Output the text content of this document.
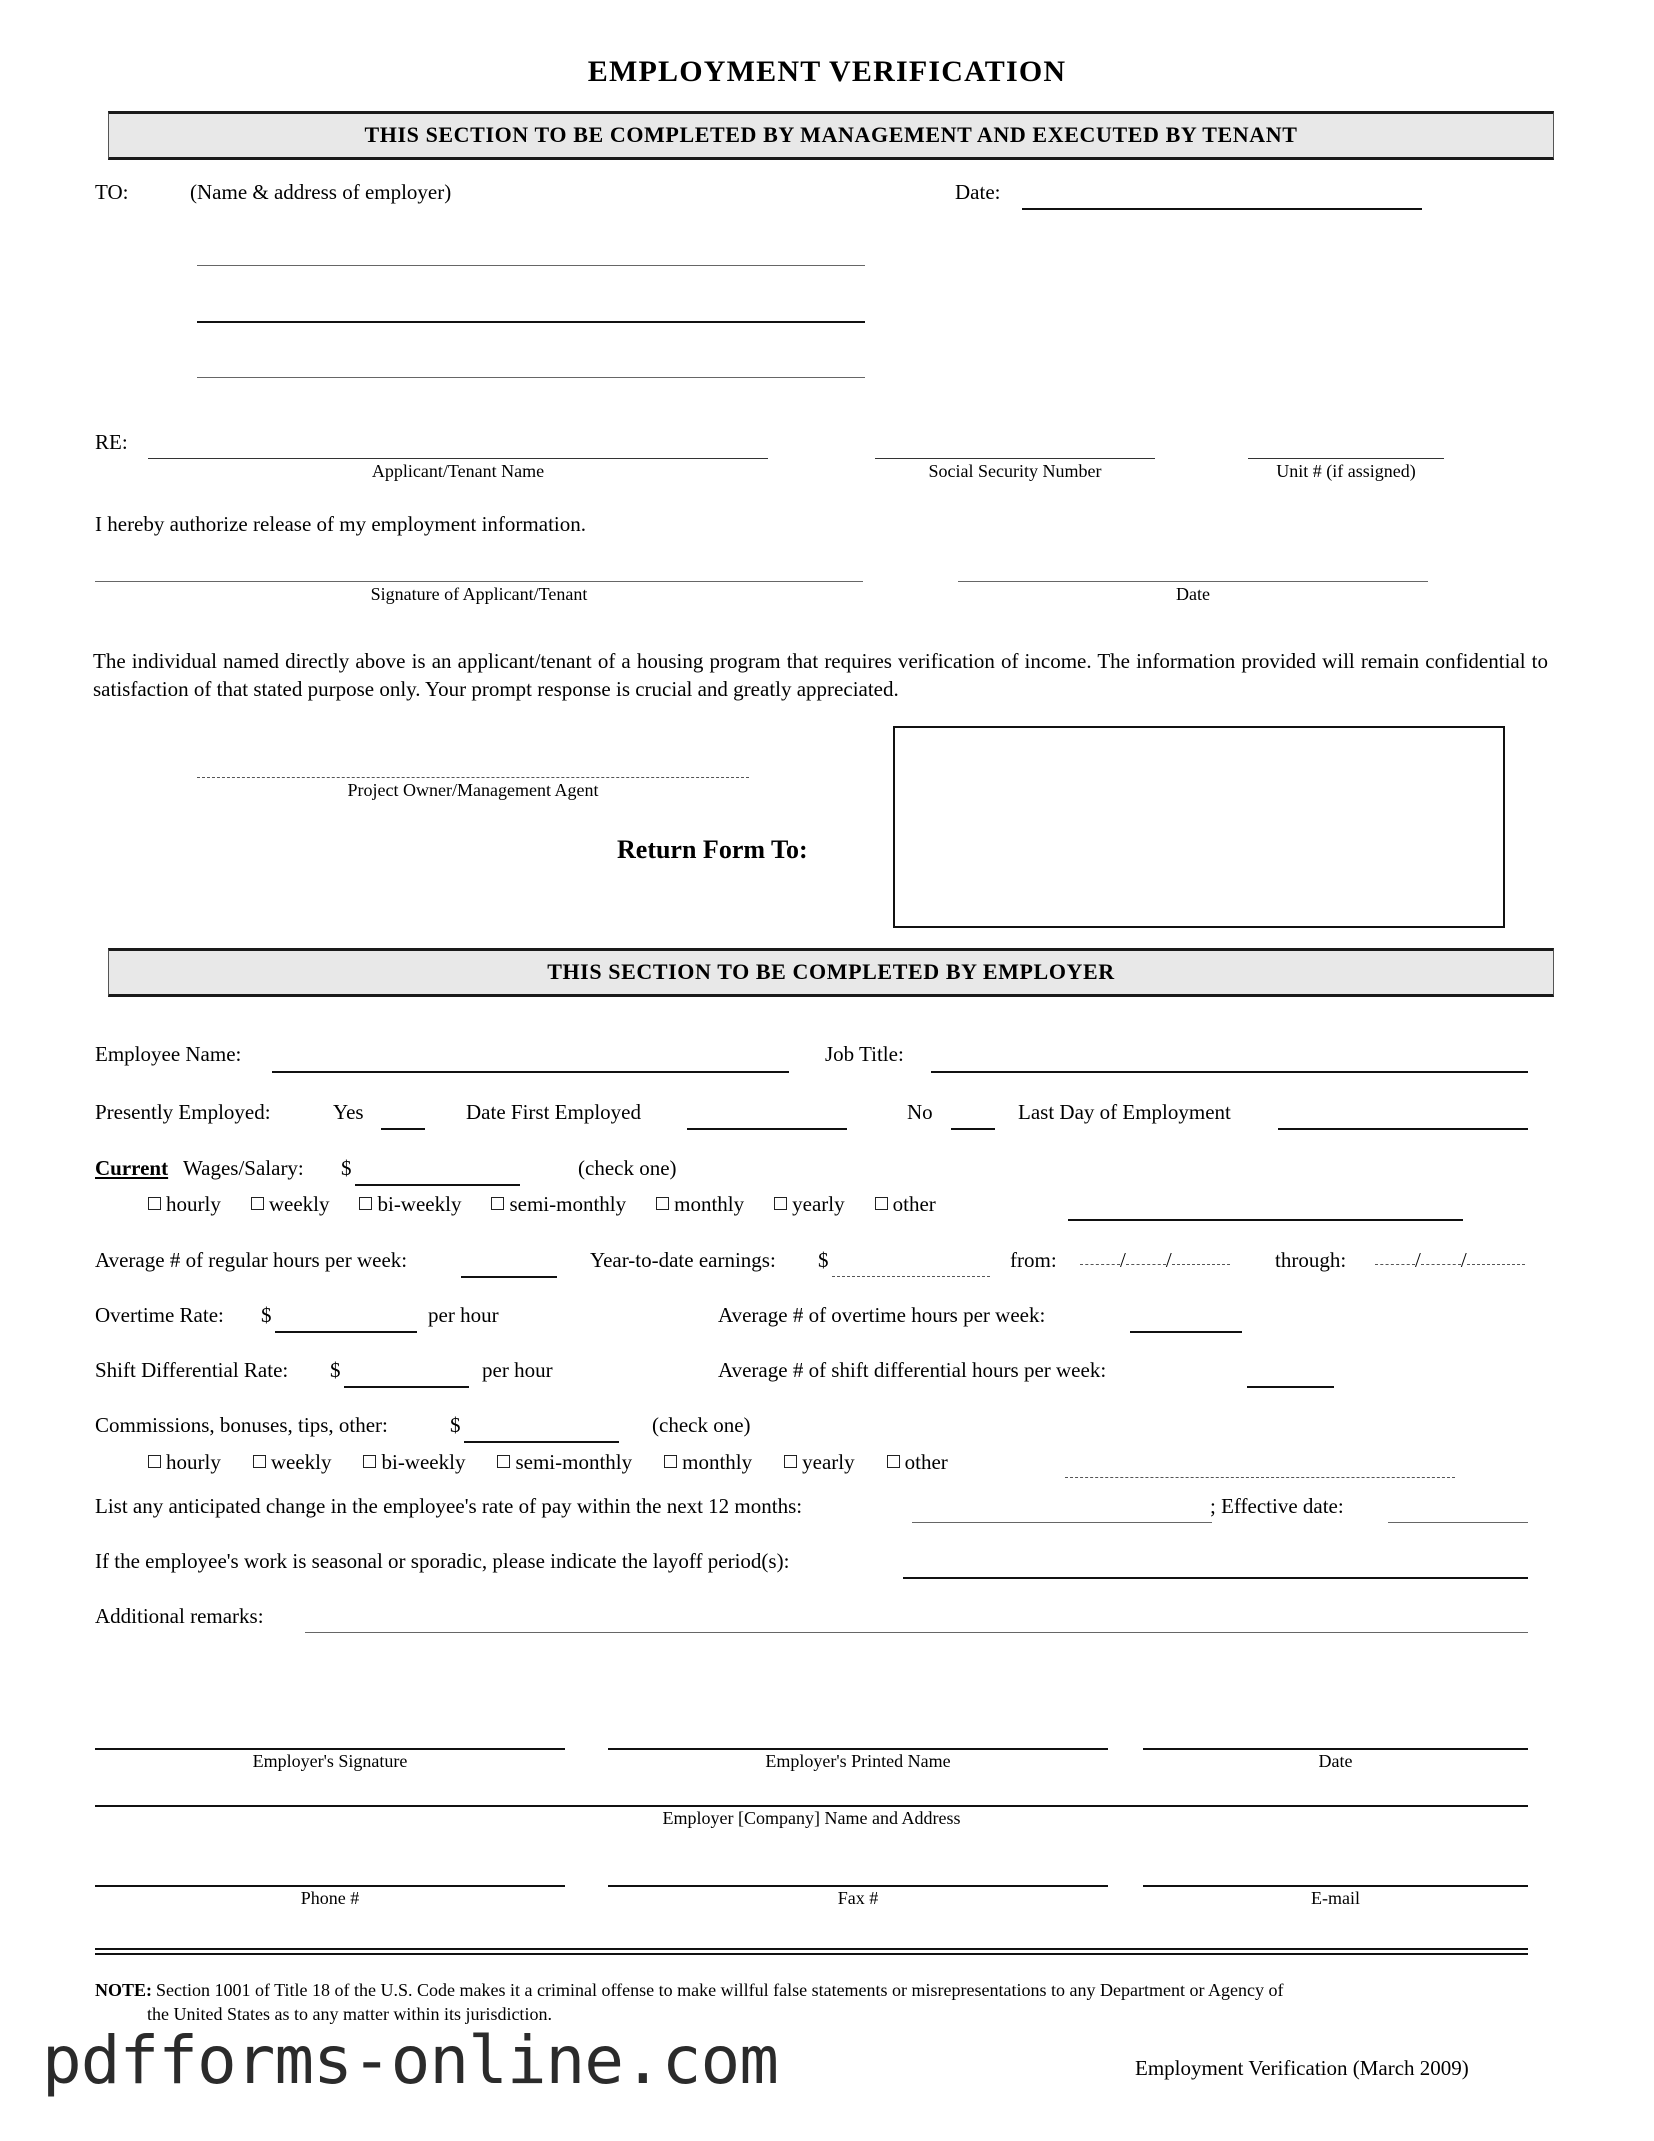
EMPLOYMENT VERIFICATION
THIS SECTION TO BE COMPLETED BY MANAGEMENT AND EXECUTED BY TENANT
TO:	(Name & address of employer)	Date:
RE:
Applicant/Tenant Name	Social Security Number	Unit # (if assigned)
I hereby authorize release of my employment information.
Signature of Applicant/Tenant	Date
The individual named directly above is an applicant/tenant of a housing program that requires verification of income. The information provided will remain confidential to satisfaction of that stated purpose only. Your prompt response is crucial and greatly appreciated.
Project Owner/Management Agent
Return Form To:
THIS SECTION TO BE COMPLETED BY EMPLOYER
Employee Name:	Job Title:
Presently Employed:	Yes	Date First Employed	No	Last Day of Employment
Current Wages/Salary: $	(check one)
hourly weekly bi-weekly semi-monthly monthly yearly other
Average # of regular hours per week:	Year-to-date earnings: $	from:	/ /	through:	/ /
Overtime Rate: $	per hour	Average # of overtime hours per week:
Shift Differential Rate: $	per hour	Average # of shift differential hours per week:
Commissions, bonuses, tips, other:	$	(check one)
hourly weekly bi-weekly semi-monthly monthly yearly other
List any anticipated change in the employee's rate of pay within the next 12 months:	; Effective date:
If the employee's work is seasonal or sporadic, please indicate the layoff period(s):
Additional remarks:
Employer's Signature	Employer's Printed Name	Date
Employer [Company] Name and Address
Phone #	Fax #	E-mail
NOTE: Section 1001 of Title 18 of the U.S. Code makes it a criminal offense to make willful false statements or misrepresentations to any Department or Agency of
the United States as to any matter within its jurisdiction.
pdfforms-online.com	Employment Verification (March 2009)
